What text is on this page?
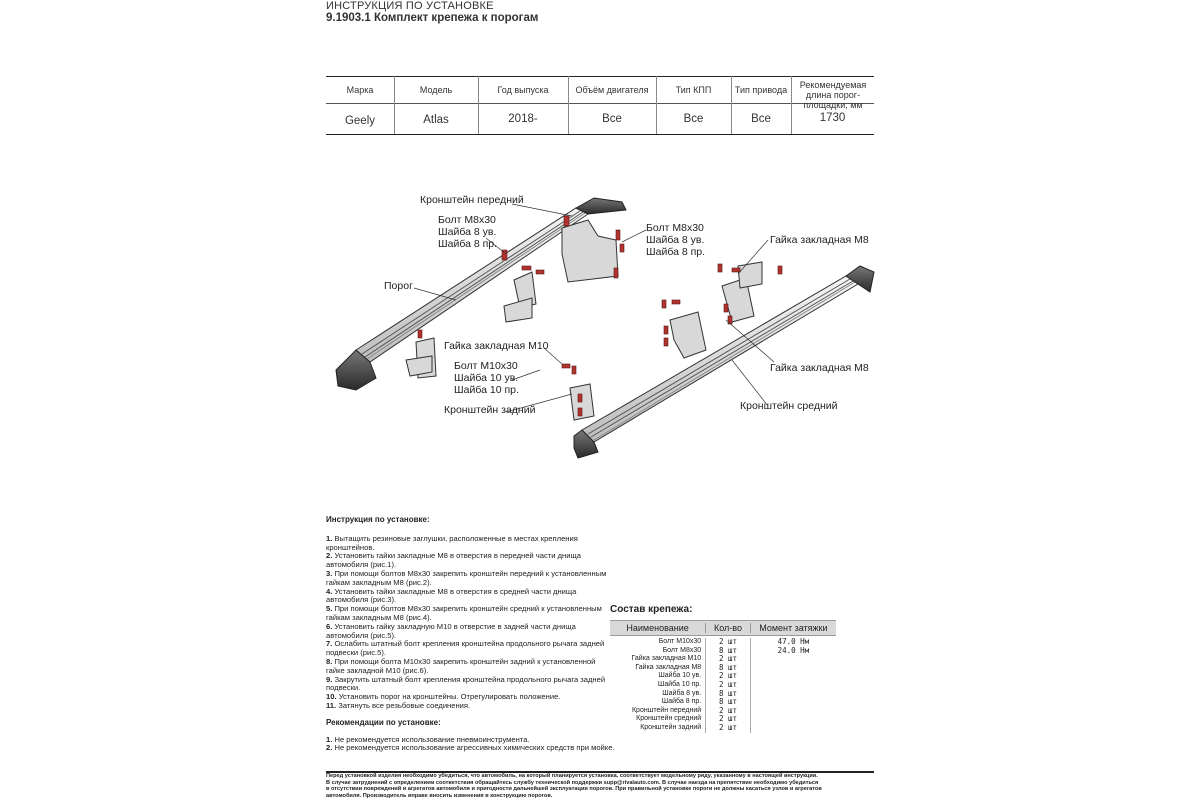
ИНСТРУКЦИЯ ПО УСТАНОВКЕ
9.1903.1 Комплект крепежа к порогам
Марка	Модель	Год выпуска	Объём двигателя	Тип КПП	Тип привода	Рекомендуемая длина порог-площадки, мм
Geely	Atlas	2018-	Все	Все	Все	1730
Кронштейн передний
Болт М8х30
Шайба 8 ув.
Шайба 8 пр.
Болт М8х30
Шайба 8 ув.
Шайба 8 пр.
Гайка закладная М8
Порог
Гайка закладная М10
Болт М10х30
Шайба 10 ув.
Шайба 10 пр.
Гайка закладная М8
Кронштейн задний	Кронштейн средний
Инструкция по установке:
1. Вытащить резиновые заглушки, расположенные в местах крепления кронштейнов.
2. Установить гайки закладные М8 в отверстия в передней части днища автомобиля (рис.1).
3. При помощи болтов М8х30 закрепить кронштейн передний к установленным гайкам закладным М8 (рис.2).
4. Установить гайки закладные М8 в отверстия в средней части днища автомобиля (рис.3).
5. При помощи болтов М8х30 закрепить кронштейн средний к установленным гайкам закладным М8 (рис.4).
6. Установить гайку закладную М10 в отверстие в задней части днища автомобиля (рис.5).
7. Ослабить штатный болт крепления кронштейна продольного рычага задней подвески (рис.5).
8. При помощи болта М10х30 закрепить кронштейн задний к установленной гайке закладной М10 (рис.6).
9. Закрутить штатный болт крепления кронштейна продольного рычага задней подвески.
10. Установить порог на кронштейны. Отрегулировать положение.
11. Затянуть все резьбовые соединения.
Рекомендации по установке:
1. Не рекомендуется использование пневмоинструмента.
2. Не рекомендуется использование агрессивных химических средств при мойке.
Состав крепежа:
Наименование	Кол-во	Момент затяжки
Болт М10х30	2 шт	47.0 Нм
Болт М8х30	8 шт	24.0 Нм
Гайка закладная М10	2 шт
Гайка закладная М8	8 шт
Шайба 10 ув.	2 шт
Шайба 10 пр.	2 шт
Шайба 8 ув.	8 шт
Шайба 8 пр.	8 шт
Кронштейн передний	2 шт
Кронштейн средний	2 шт
Кронштейн задний	2 шт
Перед установкой изделия необходимо убедиться, что автомобиль, на который планируется установка, соответствует модельному ряду, указанному в настоящей инструкции.
В случае затруднений с определением соответствия обращайтесь службу технической поддержки supp@rivalauto.com. В случае наезда на препятствие необходимо убедиться
в отсутствии повреждений и агрегатов автомобиля и пригодности дальнейшей эксплуатации порогов. При правильной установке пороги не должны касаться узлов и агрегатов
автомобиля. Производитель вправе вносить изменения в конструкцию порогов.
